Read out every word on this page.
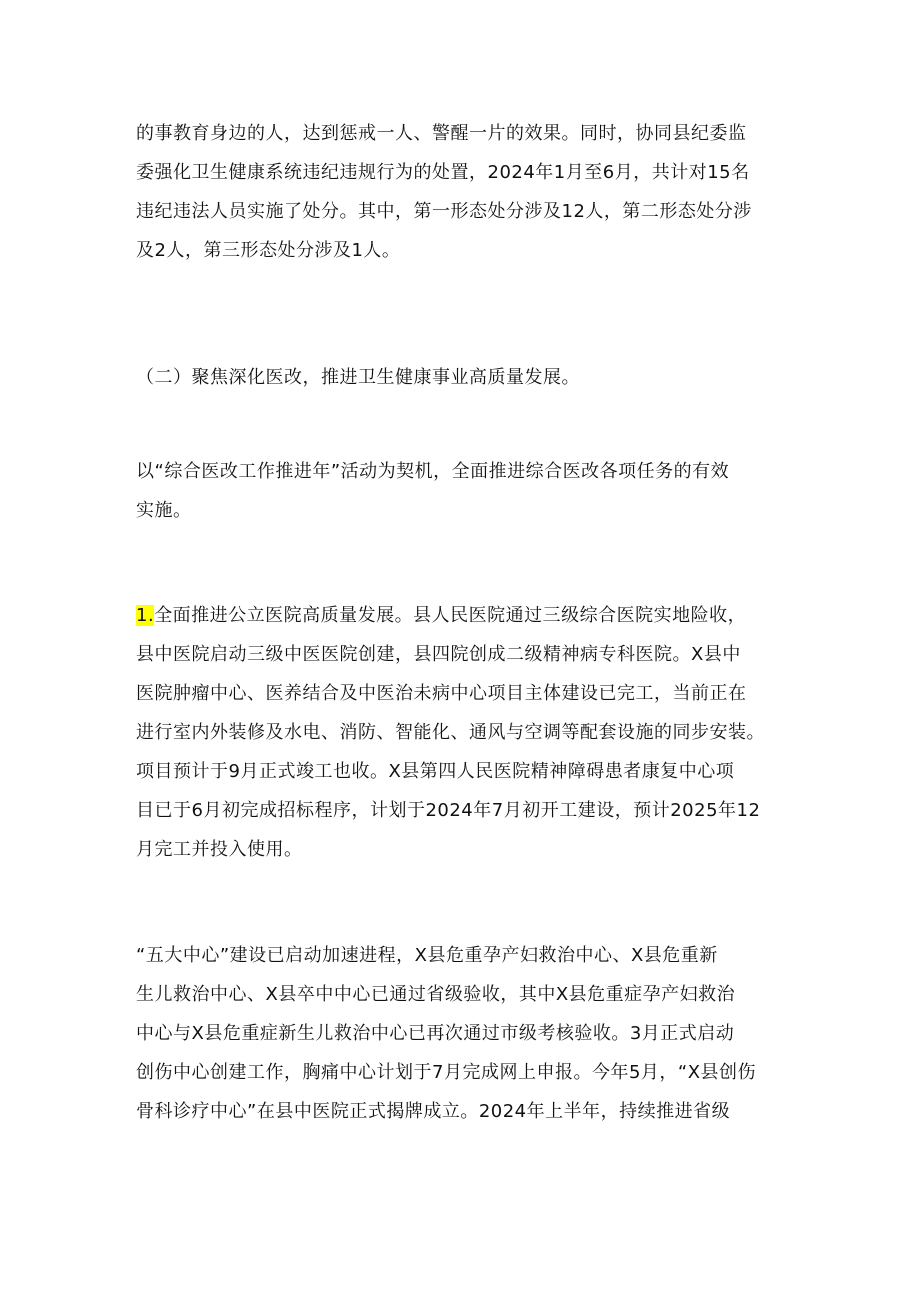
的事教育身边的人，达到惩戒一人、警醒一片的效果。同时，协同县纪委监
委强化卫生健康系统违纪违规行为的处置，2024年1月至6月，共计对15名
违纪违法人员实施了处分。其中，第一形态处分涉及12人，第二形态处分涉
及2人，第三形态处分涉及1人。
（二）聚焦深化医改，推进卫生健康事业高质量发展。
以“综合医改工作推进年”活动为契机，全面推进综合医改各项任务的有效
实施。
1.全面推进公立医院高质量发展。县人民医院通过三级综合医院实地险收，
县中医院启动三级中医医院创建，县四院创成二级精神病专科医院。X县中
医院肿瘤中心、医养结合及中医治未病中心项目主体建设已完工，当前正在
进行室内外装修及水电、消防、智能化、通风与空调等配套设施的同步安装。
项目预计于9月正式竣工也收。X县第四人民医院精神障碍患者康复中心项
目已于6月初完成招标程序，计划于2024年7月初开工建设，预计2025年12
月完工并投入使用。
“五大中心”建设已启动加速进程，X县危重孕产妇救治中心、X县危重新
生儿救治中心、X县卒中中心已通过省级验收，其中X县危重症孕产妇救治
中心与X县危重症新生儿救治中心已再次通过市级考核验收。3月正式启动
创伤中心创建工作，胸痛中心计划于7月完成网上申报。今年5月，“X县创伤
骨科诊疗中心”在县中医院正式揭牌成立。2024年上半年，持续推进省级
